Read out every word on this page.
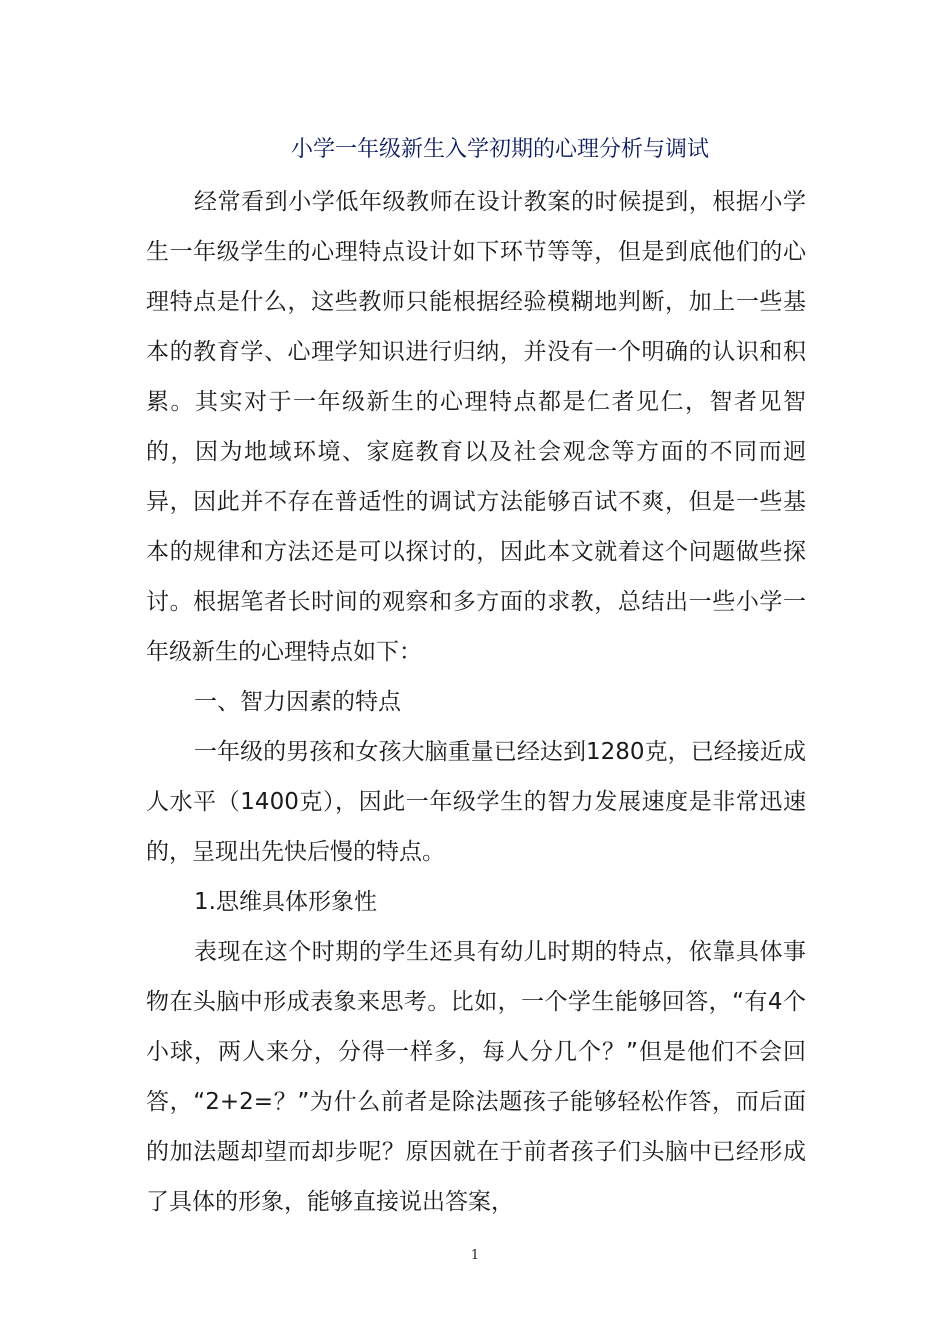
小学一年级新生入学初期的心理分析与调试

经常看到小学低年级教师在设计教案的时候提到，根据小学生一年级学生的心理特点设计如下环节等等，但是到底他们的心理特点是什么，这些教师只能根据经验模糊地判断，加上一些基本的教育学、心理学知识进行归纳，并没有一个明确的认识和积累。其实对于一年级新生的心理特点都是仁者见仁，智者见智的，因为地域环境、家庭教育以及社会观念等方面的不同而迥异，因此并不存在普适性的调试方法能够百试不爽，但是一些基本的规律和方法还是可以探讨的，因此本文就着这个问题做些探讨。根据笔者长时间的观察和多方面的求教，总结出一些小学一年级新生的心理特点如下：

一、智力因素的特点

一年级的男孩和女孩大脑重量已经达到1280克，已经接近成人水平（1400克），因此一年级学生的智力发展速度是非常迅速的，呈现出先快后慢的特点。

1.思维具体形象性

表现在这个时期的学生还具有幼儿时期的特点，依靠具体事物在头脑中形成表象来思考。比如，一个学生能够回答，“有4个小球，两人来分，分得一样多，每人分几个？”但是他们不会回答，“2+2=？”为什么前者是除法题孩子能够轻松作答，而后面的加法题却望而却步呢？原因就在于前者孩子们头脑中已经形成了具体的形象，能够直接说出答案，

1
